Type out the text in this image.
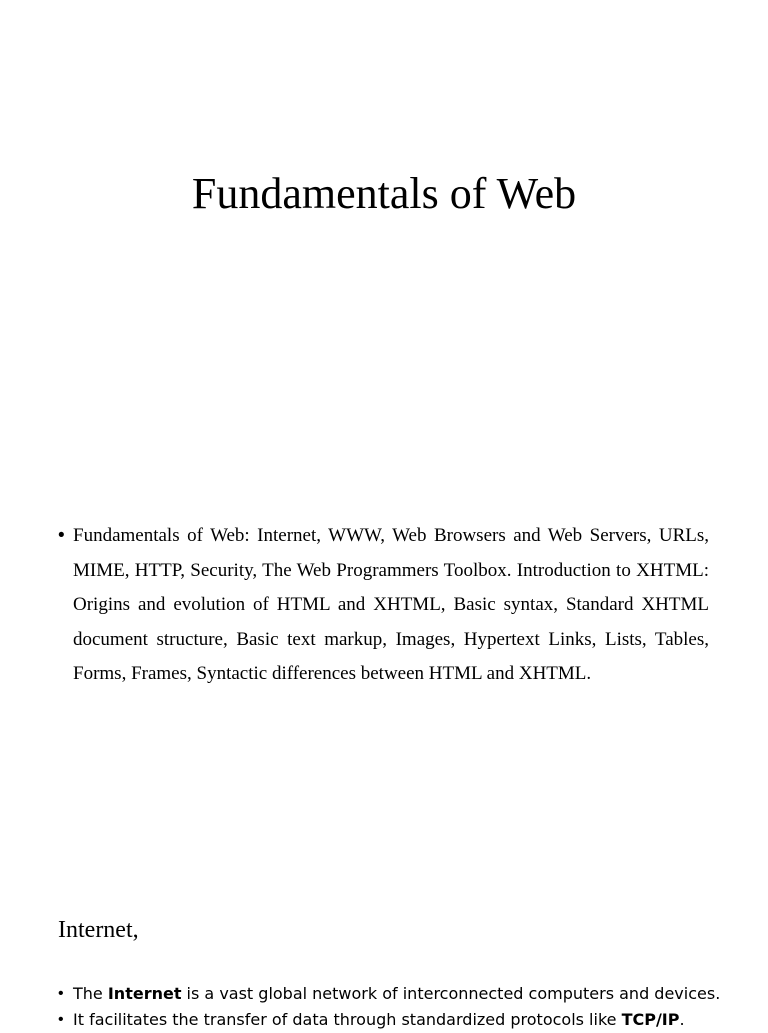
Fundamentals of Web
• Fundamentals of Web: Internet, WWW, Web Browsers and Web Servers, URLs, MIME, HTTP, Security, The Web Programmers Toolbox. Introduction to XHTML: Origins and evolution of HTML and XHTML, Basic syntax, Standard XHTML document structure, Basic text markup, Images, Hypertext Links, Lists, Tables, Forms, Frames, Syntactic differences between HTML and XHTML.
Internet,
• The Internet is a vast global network of interconnected computers and devices.
• It facilitates the transfer of data through standardized protocols like TCP/IP.
